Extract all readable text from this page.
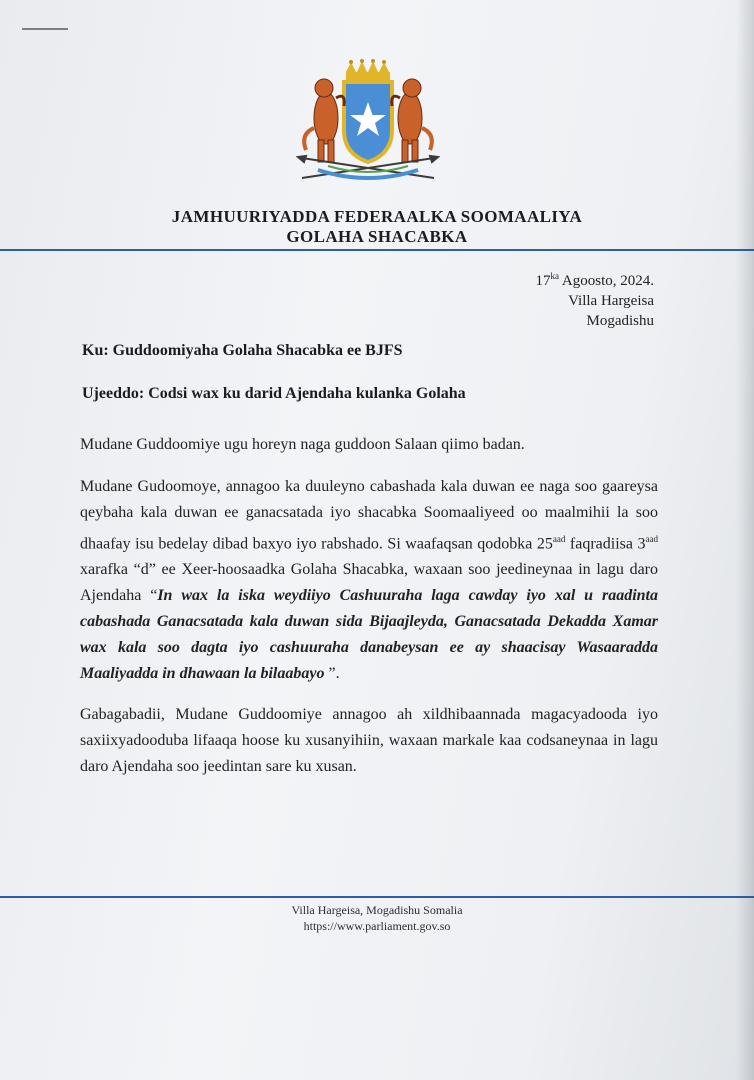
JAMHUURIYADDA FEDERAALKA SOOMAALIYA
GOLAHA SHACABKA
$17^{ka}$ Agoosto, 2024.
Villa Hargeisa
Mogadishu
Ku: Guddoomiyaha Golaha Shacabka ee BJFS
Ujeeddo: Codsi wax ku darid Ajendaha kulanka Golaha
Mudane Guddoomiye ugu horeyn naga guddoon Salaan qiimo badan.
Mudane Gudoomoye, annagoo ka duuleyno cabashada kala duwan ee naga soo gaareysa qeybaha kala duwan ee ganacsatada iyo shacabka Soomaaliyeed oo maalmihii la soo dhaafay isu bedelay dibad baxyo iyo rabshado. Si waafaqsan qodobka $25^{aad}$ faqradiisa $3^{aad}$ xarafka “d” ee Xeer-hoosaadka Golaha Shacabka, waxaan soo jeedineynaa in lagu daro Ajendaha “In wax la iska weydiiyo Cashuuraha laga cawday iyo xal u raadinta cabashada Ganacsatada kala duwan sida Bijaajleyda, Ganacsatada Dekadda Xamar wax kala soo dagta iyo cashuuraha danabeysan ee ay shaacisay Wasaaradda Maaliyadda in dhawaan la bilaabayo ”.
Gabagabadii, Mudane Guddoomiye annagoo ah xildhibaannada magacyadooda iyo saxiixyadooduba lifaaqa hoose ku xusanyihiin, waxaan markale kaa codsaneynaa in lagu daro Ajendaha soo jeedintan sare ku xusan.
Villa Hargeisa, Mogadishu Somalia
https://www.parliament.gov.so
